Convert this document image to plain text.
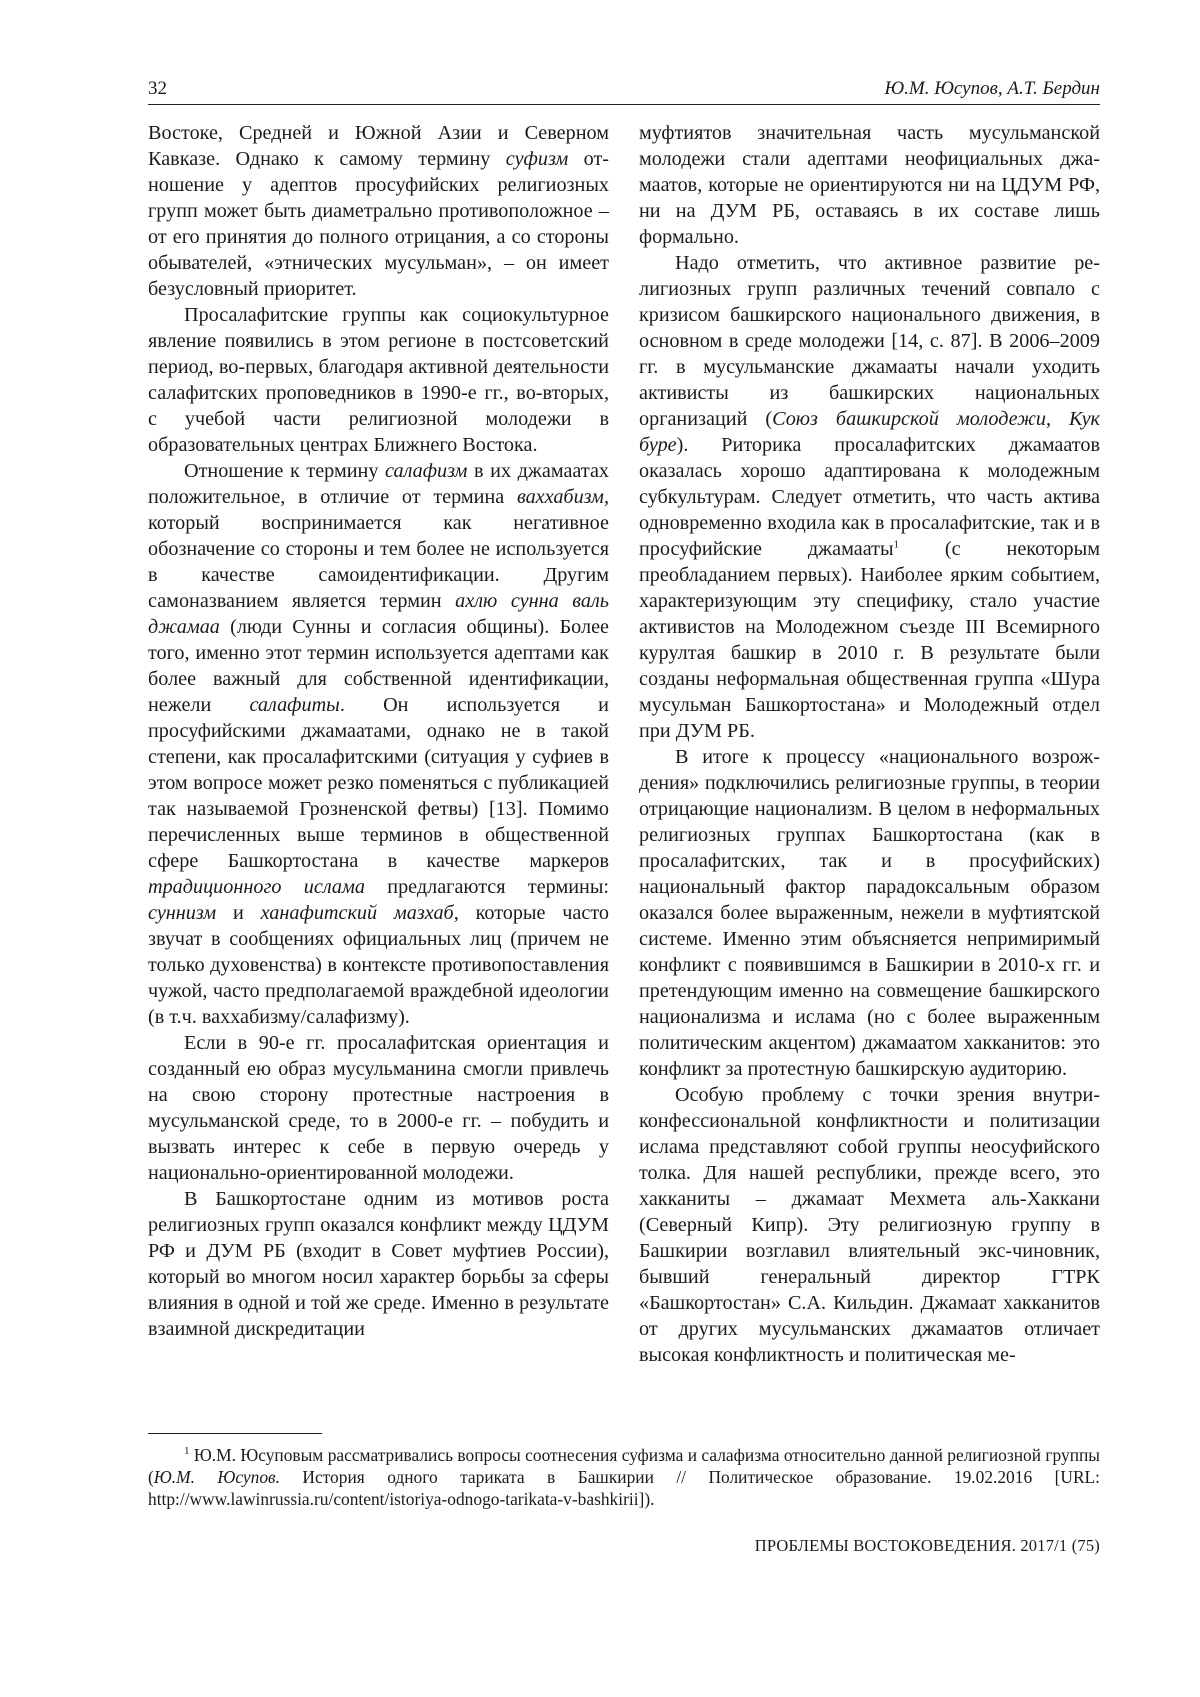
32	Ю.М. Юсупов, А.Т. Бердин

Востоке, Средней и Южной Азии и Северном Кавказе. Однако к самому термину суфизм отношение у адептов просуфийских религиозных групп может быть диаметрально противоположное – от его принятия до полного отрицания, а со стороны обывателей, «этнических мусульман», – он имеет безусловный приоритет.

Просалафитские группы как социокультурное явление появились в этом регионе в постсоветский период, во-первых, благодаря активной деятельности салафитских проповедников в 1990-е гг., во-вторых, с учебой части религиозной молодежи в образовательных центрах Ближнего Востока.

Отношение к термину салафизм в их джамаатах положительное, в отличие от термина ваххабизм, который воспринимается как негативное обозначение со стороны и тем более не используется в качестве самоидентификации. Другим самоназванием является термин ахлю сунна валь джамаа (люди Сунны и согласия общины). Более того, именно этот термин используется адептами как более важный для собственной идентификации, нежели салафиты. Он используется и просуфийскими джамаатами, однако не в такой степени, как просалафитскими (ситуация у суфиев в этом вопросе может резко поменяться с публикацией так называемой Грозненской фетвы) [13]. Помимо перечисленных выше терминов в общественной сфере Башкортостана в качестве маркеров традиционного ислама предлагаются термины: суннизм и ханафитский мазхаб, которые часто звучат в сообщениях официальных лиц (причем не только духовенства) в контексте противопоставления чужой, часто предполагаемой враждебной идеологии (в т.ч. ваххабизму/салафизму).

Если в 90-е гг. просалафитская ориентация и созданный ею образ мусульманина смогли привлечь на свою сторону протестные настроения в мусульманской среде, то в 2000-е гг. – побудить и вызвать интерес к себе в первую очередь у национально-ориентированной молодежи.

В Башкортостане одним из мотивов роста религиозных групп оказался конфликт между ЦДУМ РФ и ДУМ РБ (входит в Совет муфтиев России), который во многом носил характер борьбы за сферы влияния в одной и той же среде. Именно в результате взаимной дискредитации

муфтиятов значительная часть мусульманской молодежи стали адептами неофициальных джамаатов, которые не ориентируются ни на ЦДУМ РФ, ни на ДУМ РБ, оставаясь в их составе лишь формально.

Надо отметить, что активное развитие религиозных групп различных течений совпало с кризисом башкирского национального движения, в основном в среде молодежи [14, с. 87]. В 2006–2009 гг. в мусульманские джамааты начали уходить активисты из башкирских национальных организаций (Союз башкирской молодежи, Кук буре). Риторика просалафитских джамаатов оказалась хорошо адаптирована к молодежным субкультурам. Следует отметить, что часть актива одновременно входила как в просалафитские, так и в просуфийские джамааты$^1$ (с некоторым преобладанием первых). Наиболее ярким событием, характеризующим эту специфику, стало участие активистов на Молодежном съезде III Всемирного курултая башкир в 2010 г. В результате были созданы неформальная общественная группа «Шура мусульман Башкортостана» и Молодежный отдел при ДУМ РБ.

В итоге к процессу «национального возрождения» подключились религиозные группы, в теории отрицающие национализм. В целом в неформальных религиозных группах Башкортостана (как в просалафитских, так и в просуфийских) национальный фактор парадоксальным образом оказался более выраженным, нежели в муфтиятской системе. Именно этим объясняется непримиримый конфликт с появившимся в Башкирии в 2010-х гг. и претендующим именно на совмещение башкирского национализма и ислама (но с более выраженным политическим акцентом) джамаатом хакканитов: это конфликт за протестную башкирскую аудиторию.

Особую проблему с точки зрения внутриконфессиональной конфликтности и политизации ислама представляют собой группы неосуфийского толка. Для нашей республики, прежде всего, это хакканиты – джамаат Мехмета аль-Хаккани (Северный Кипр). Эту религиозную группу в Башкирии возглавил влиятельный экс-чиновник, бывший генеральный директор ГТРК «Башкортостан» С.А. Кильдин. Джамаат хакканитов от других мусульманских джамаатов отличает высокая конфликтность и политическая ме-

$^1$ Ю.М. Юсуповым рассматривались вопросы соотнесения суфизма и салафизма относительно данной религиозной группы (Ю.М. Юсупов. История одного тариката в Башкирии // Политическое образование. 19.02.2016 [URL: http://www.lawinrussia.ru/content/istoriya-odnogo-tarikata-v-bashkirii]).

ПРОБЛЕМЫ ВОСТОКОВЕДЕНИЯ. 2017/1 (75)
